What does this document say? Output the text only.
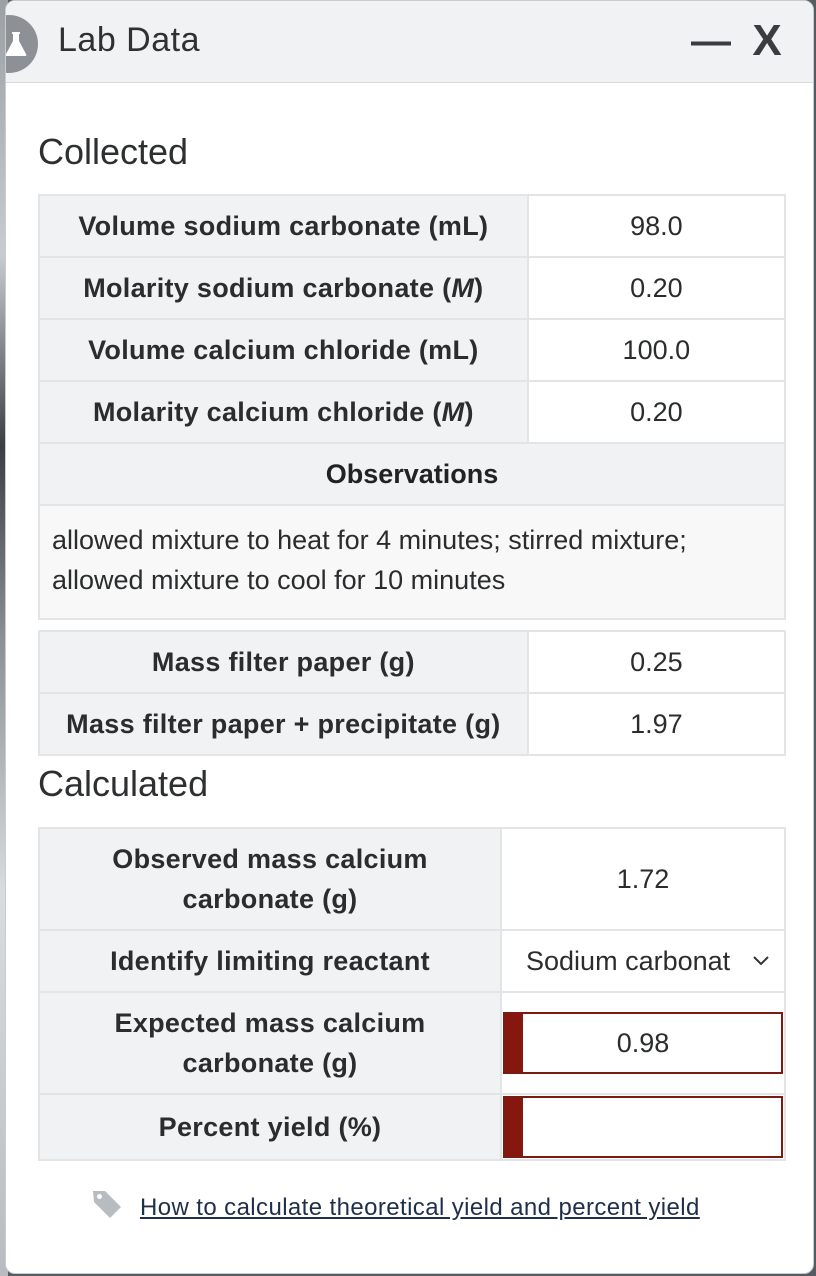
Lab Data	— X
Collected
Volume sodium carbonate (mL)	98.0
Molarity sodium carbonate (M)	0.20
Volume calcium chloride (mL)	100.0
Molarity calcium chloride (M)	0.20
Observations	
allowed mixture to heat for 4 minutes; stirred mixture; allowed mixture to cool for 10 minutes	

Mass filter paper (g)	0.25
Mass filter paper + precipitate (g)	1.97
Calculated
Observed mass calcium carbonate (g)	1.72
Identify limiting reactant	Sodium carbonat

Expected mass calcium carbonate (g)	0.98

Percent yield (%)	
How to calculate theoretical yield and percent yield
